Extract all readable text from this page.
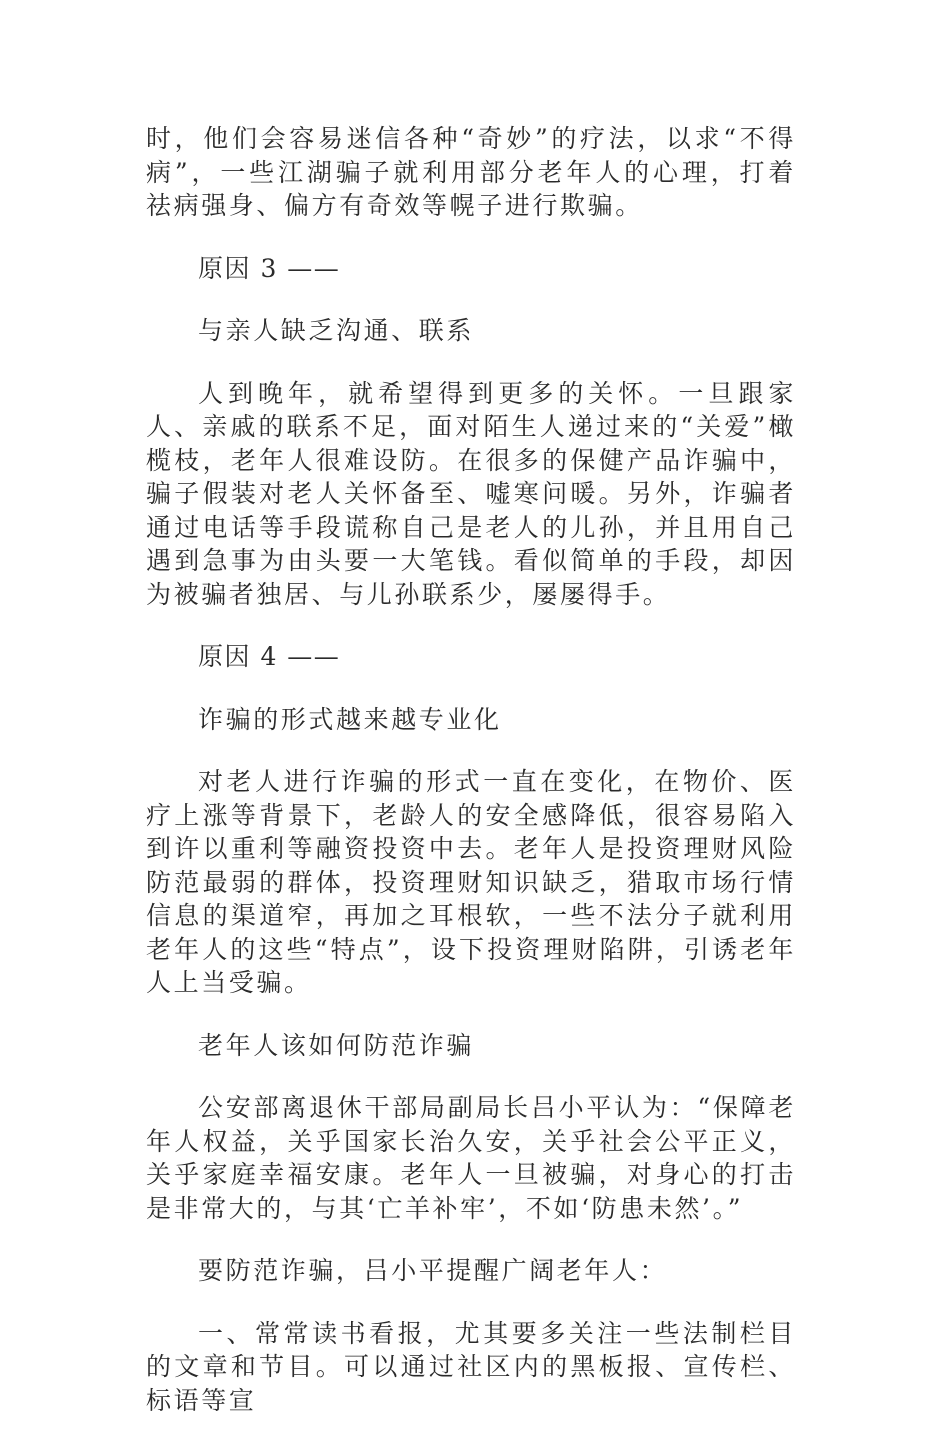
时，他们会容易迷信各种“奇妙”的疗法，以求“不得病”，一些江湖骗子就利用部分老年人的心理，打着祛病强身、偏方有奇效等幌子进行欺骗。

原因 3 ——

与亲人缺乏沟通、联系

人到晚年，就希望得到更多的关怀。一旦跟家人、亲戚的联系不足，面对陌生人递过来的“关爱”橄榄枝，老年人很难设防。在很多的保健产品诈骗中，骗子假装对老人关怀备至、嘘寒问暖。另外，诈骗者通过电话等手段谎称自己是老人的儿孙，并且用自己遇到急事为由头要一大笔钱。看似简单的手段，却因为被骗者独居、与儿孙联系少，屡屡得手。

原因 4 ——

诈骗的形式越来越专业化

对老人进行诈骗的形式一直在变化，在物价、医疗上涨等背景下，老龄人的安全感降低，很容易陷入到许以重利等融资投资中去。老年人是投资理财风险防范最弱的群体，投资理财知识缺乏，猎取市场行情信息的渠道窄，再加之耳根软，一些不法分子就利用老年人的这些“特点”，设下投资理财陷阱，引诱老年人上当受骗。

老年人该如何防范诈骗

公安部离退休干部局副局长吕小平认为：“保障老年人权益，关乎国家长治久安，关乎社会公平正义，关乎家庭幸福安康。老年人一旦被骗，对身心的打击是非常大的，与其‘亡羊补牢’，不如‘防患未然’。”

要防范诈骗，吕小平提醒广阔老年人：

一、常常读书看报，尤其要多关注一些法制栏目的文章和节目。可以通过社区内的黑板报、宣传栏、标语等宣
